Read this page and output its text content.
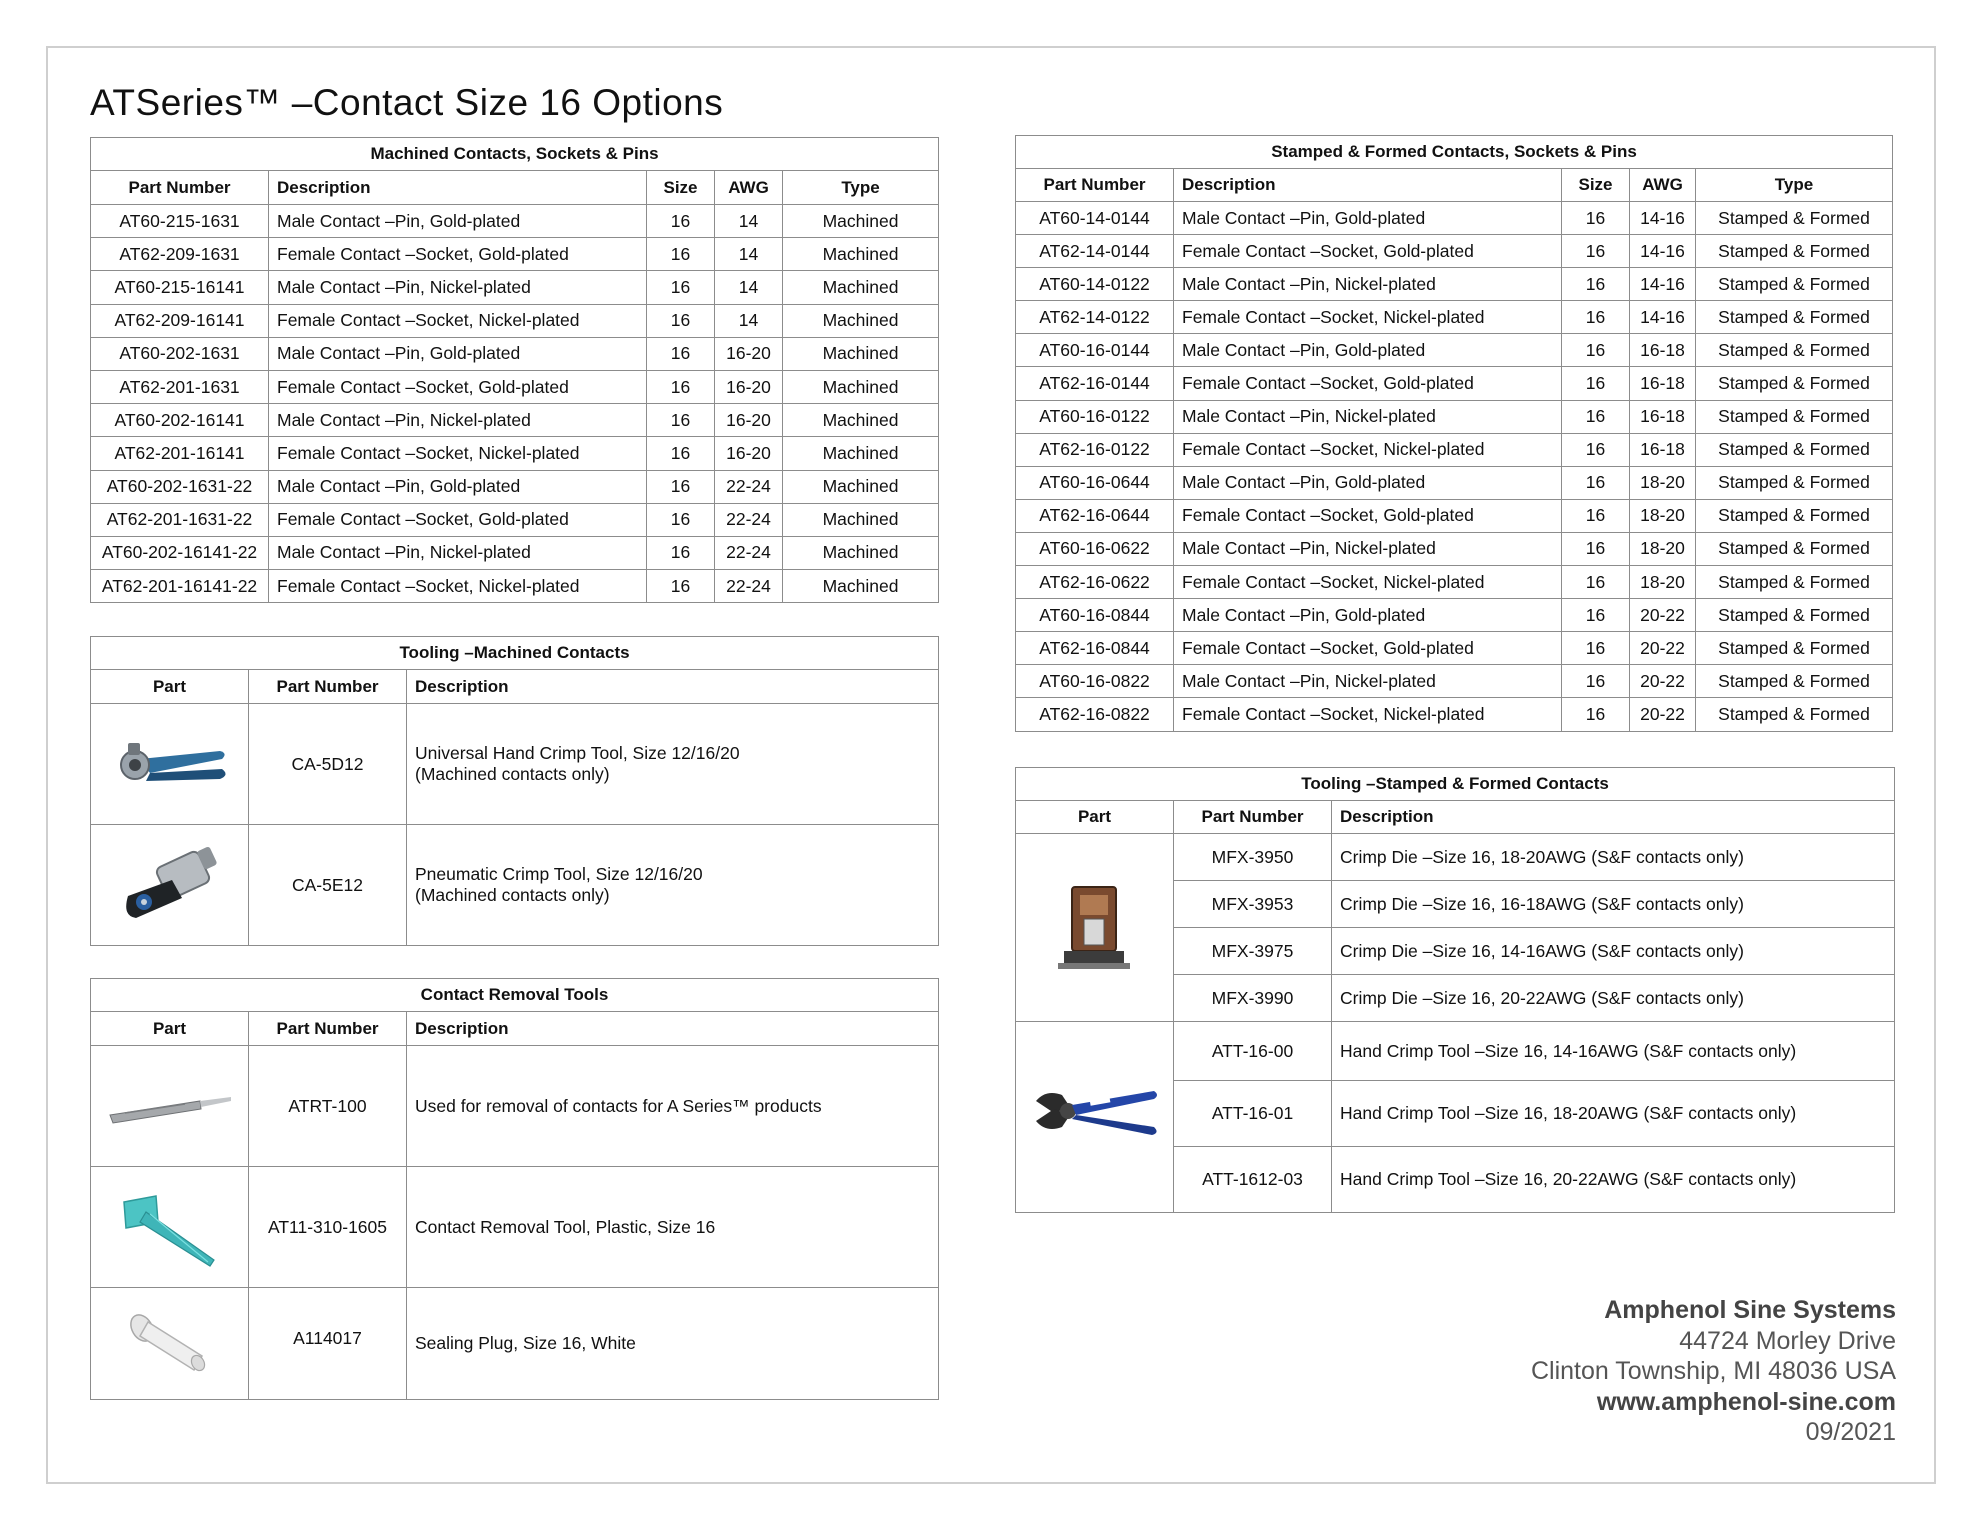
ATSeries™ –Contact Size 16 Options
Machined Contacts, Sockets & Pins				
Part Number	Description	Size	AWG	Type
AT60-215-1631	Male Contact –Pin, Gold-plated	16	14	Machined
AT62-209-1631	Female Contact –Socket, Gold-plated	16	14	Machined
AT60-215-16141	Male Contact –Pin, Nickel-plated	16	14	Machined
AT62-209-16141	Female Contact –Socket, Nickel-plated	16	14	Machined
AT60-202-1631	Male Contact –Pin, Gold-plated	16	16-20	Machined
AT62-201-1631	Female Contact –Socket, Gold-plated	16	16-20	Machined
AT60-202-16141	Male Contact –Pin, Nickel-plated	16	16-20	Machined
AT62-201-16141	Female Contact –Socket, Nickel-plated	16	16-20	Machined
AT60-202-1631-22	Male Contact –Pin, Gold-plated	16	22-24	Machined
AT62-201-1631-22	Female Contact –Socket, Gold-plated	16	22-24	Machined
AT60-202-16141-22	Male Contact –Pin, Nickel-plated	16	22-24	Machined
AT62-201-16141-22	Female Contact –Socket, Nickel-plated	16	22-24	Machined
Tooling –Machined Contacts		
Part	Part Number	Description

	CA-5D12	Universal Hand Crimp Tool, Size 12/16/20
(Machined contacts only)

	CA-5E12	Pneumatic Crimp Tool, Size 12/16/20
(Machined contacts only)
Contact Removal Tools		
Part	Part Number	Description

	ATRT-100	Used for removal of contacts for A Series™ products

	AT11-310-1605	Contact Removal Tool, Plastic, Size 16

	A114017	Sealing Plug, Size 16, White
Stamped & Formed Contacts, Sockets & Pins				
Part Number	Description	Size	AWG	Type
AT60-14-0144	Male Contact –Pin, Gold-plated	16	14-16	Stamped & Formed
AT62-14-0144	Female Contact –Socket, Gold-plated	16	14-16	Stamped & Formed
AT60-14-0122	Male Contact –Pin, Nickel-plated	16	14-16	Stamped & Formed
AT62-14-0122	Female Contact –Socket, Nickel-plated	16	14-16	Stamped & Formed
AT60-16-0144	Male Contact –Pin, Gold-plated	16	16-18	Stamped & Formed
AT62-16-0144	Female Contact –Socket, Gold-plated	16	16-18	Stamped & Formed
AT60-16-0122	Male Contact –Pin, Nickel-plated	16	16-18	Stamped & Formed
AT62-16-0122	Female Contact –Socket, Nickel-plated	16	16-18	Stamped & Formed
AT60-16-0644	Male Contact –Pin, Gold-plated	16	18-20	Stamped & Formed
AT62-16-0644	Female Contact –Socket, Gold-plated	16	18-20	Stamped & Formed
AT60-16-0622	Male Contact –Pin, Nickel-plated	16	18-20	Stamped & Formed
AT62-16-0622	Female Contact –Socket, Nickel-plated	16	18-20	Stamped & Formed
AT60-16-0844	Male Contact –Pin, Gold-plated	16	20-22	Stamped & Formed
AT62-16-0844	Female Contact –Socket, Gold-plated	16	20-22	Stamped & Formed
AT60-16-0822	Male Contact –Pin, Nickel-plated	16	20-22	Stamped & Formed
AT62-16-0822	Female Contact –Socket, Nickel-plated	16	20-22	Stamped & Formed
Tooling –Stamped & Formed Contacts		
Part	Part Number	Description

	MFX-3950	Crimp Die –Size 16, 18-20AWG (S&F contacts only)
	MFX-3953	Crimp Die –Size 16, 16-18AWG (S&F contacts only)
	MFX-3975	Crimp Die –Size 16, 14-16AWG (S&F contacts only)
	MFX-3990	Crimp Die –Size 16, 20-22AWG (S&F contacts only)

	ATT-16-00	Hand Crimp Tool –Size 16, 14-16AWG (S&F contacts only)
	ATT-16-01	Hand Crimp Tool –Size 16, 18-20AWG (S&F contacts only)
	ATT-1612-03	Hand Crimp Tool –Size 16, 20-22AWG (S&F contacts only)
Amphenol Sine Systems
44724 Morley Drive
Clinton Township, MI 48036 USA
www.amphenol-sine.com
09/2021
